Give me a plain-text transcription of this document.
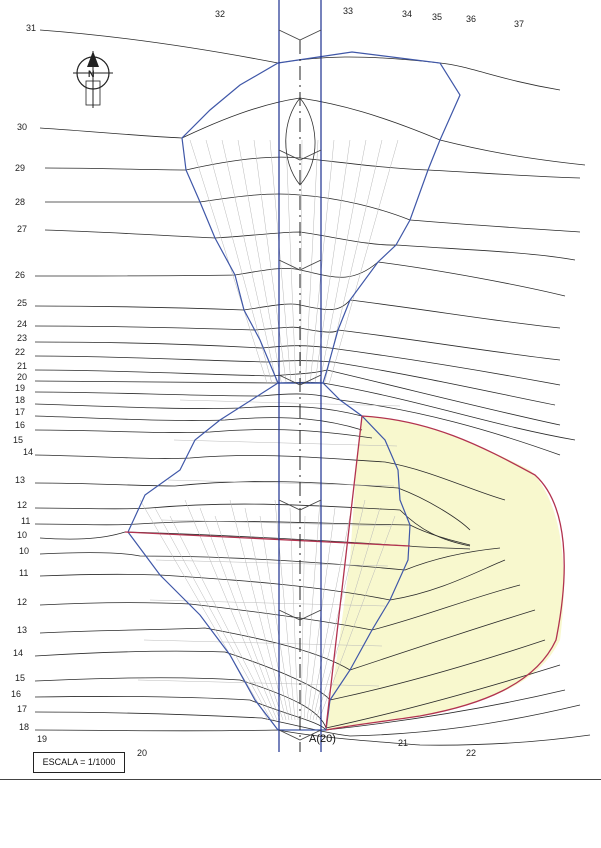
N
32	33	34 35	36	37
31
30
29
28
27
26
25
24
23
22
21
20
19
18
17
16
15
14
13
12
11
10
10
11
12
13
14
15
16
17
18
19
20
21
22
A(20)
ESCALA = 1/1000
